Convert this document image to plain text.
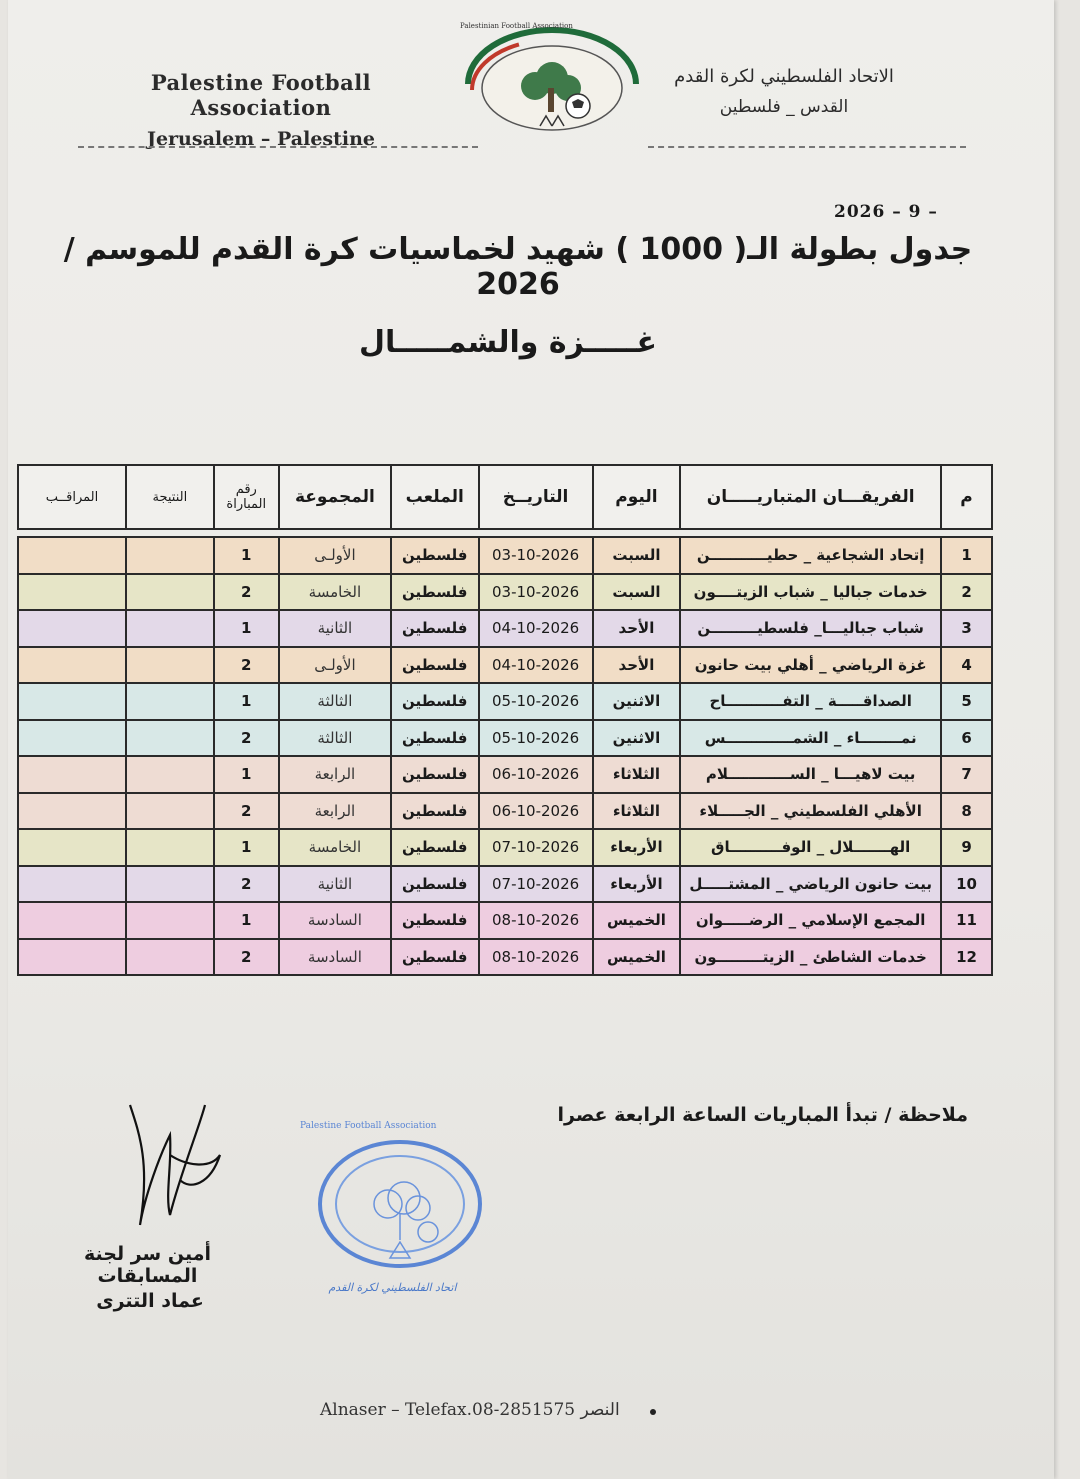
Palestine Football Association
Jerusalem – Palestine
Palestinian Football Association
الاتحاد الفلسطيني لكرة القدم
القدس _ فلسطين
2026 – 9 –
جدول بطولة الـ( 1000 ) شهيد لخماسيات كرة القدم للموسم / 2026
غـــــزة والشمـــــال
م	الفريقـــان المتباريـــــان	اليوم	التاريــخ	الملعب	المجموعة	رقم المباراة	النتيجة	المراقــب

1	إتحاد الشجاعية _ حطيـــــــــــن	السبت	03-10-2026	فلسطين	الأولـى	1		
2	خدمات جباليا _ شباب الزيتــــون	السبت	03-10-2026	فلسطين	الخامسة	2		
3	شباب جباليـــا_ فلسطيـــــــــن	الأحد	04-10-2026	فلسطين	الثانية	1		
4	غزة الرياضي _ أهلي بيت حانون	الأحد	04-10-2026	فلسطين	الأولـى	2		
5	الصداقـــــة _ التفـــــــــــاح	الاثنين	05-10-2026	فلسطين	الثالثة	1		
6	نمــــــــاء _ الشمـــــــــــــس	الاثنين	05-10-2026	فلسطين	الثالثة	2		
7	بيت لاهيـــا _ الســــــــــــلام	الثلاثاء	06-10-2026	فلسطين	الرابعة	1		
8	الأهلي الفلسطيني _ الجـــــلاء	الثلاثاء	06-10-2026	فلسطين	الرابعة	2		
9	الهـــــــلال _ الوفــــــــــاق	الأربعاء	07-10-2026	فلسطين	الخامسة	1		
10	بيت حانون الرياضي _ المشتـــــل	الأربعاء	07-10-2026	فلسطين	الثانية	2		
11	المجمع الإسلامي _ الرضـــــوان	الخميس	08-10-2026	فلسطين	السادسة	1		
12	خدمات الشاطئ _ الزيتـــــــــون	الخميس	08-10-2026	فلسطين	السادسة	2		
ملاحظة / تبدأ المباريات الساعة الرابعة عصرا
أمين سر لجنة المسابقات
عماد التترى
Palestine Football Association
اتحاد الفلسطيني لكرة القدم
Alnaser – Telefax.08-2851575 النصر
